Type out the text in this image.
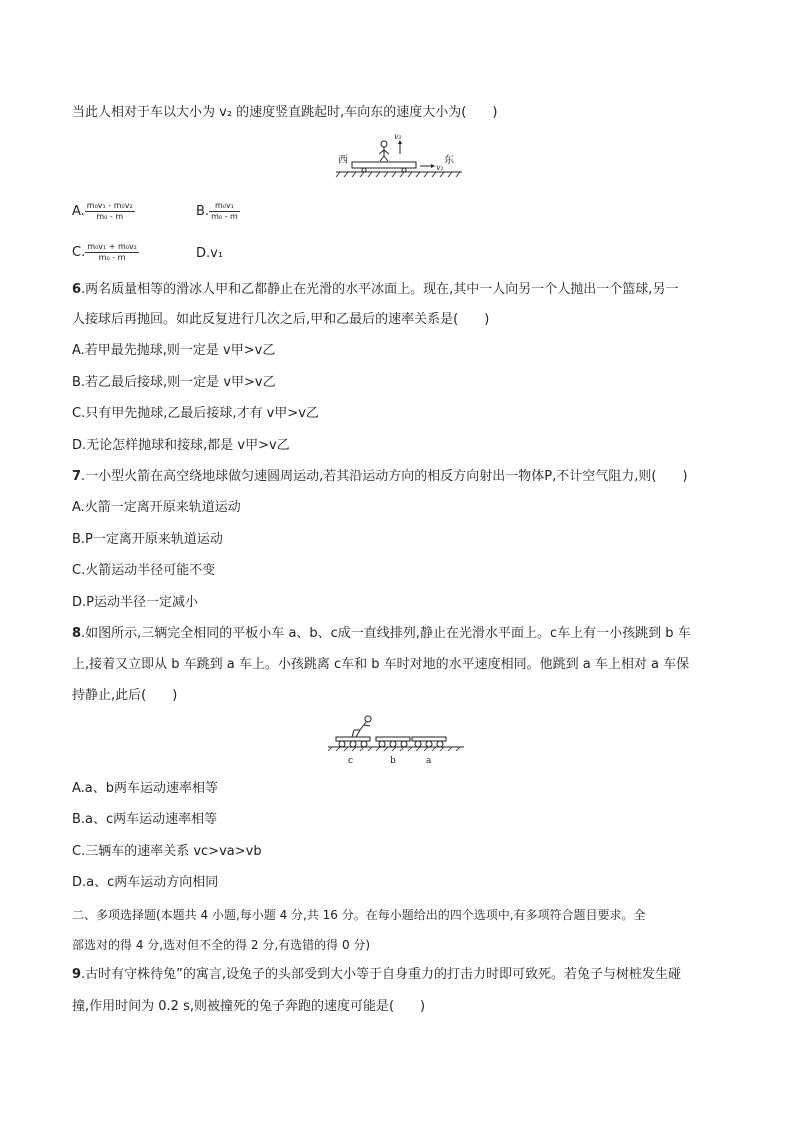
当此人相对于车以大小为 v₂ 的速度竖直跳起时,车向东的速度大小为(　　)
西	东
v₂
v₁
A. $\frac{\text{m₀v₁ - m₀v₂}}{\text{m₀ - m}}$	B. $\frac{\text{m₀v₁}}{\text{m₀ - m}}$
C. $\frac{\text{m₀v₁ + m₀v₂}}{\text{m₀ - m}}$	D.v₁
6.两名质量相等的滑冰人甲和乙都静止在光滑的水平冰面上。现在,其中一人向另一个人抛出一个篮球,另一
人接球后再抛回。如此反复进行几次之后,甲和乙最后的速率关系是(　　)
A.若甲最先抛球,则一定是 v甲>v乙
B.若乙最后接球,则一定是 v甲>v乙
C.只有甲先抛球,乙最后接球,才有 v甲>v乙
D.无论怎样抛球和接球,都是 v甲>v乙
7.一小型火箭在高空绕地球做匀速圆周运动,若其沿运动方向的相反方向射出一物体P,不计空气阻力,则(　　)
A.火箭一定离开原来轨道运动
B.P一定离开原来轨道运动
C.火箭运动半径可能不变
D.P运动半径一定减小
8.如图所示,三辆完全相同的平板小车 a、b、c成一直线排列,静止在光滑水平面上。c车上有一小孩跳到 b 车
上,接着又立即从 b 车跳到 a 车上。小孩跳离 c车和 b 车时对地的水平速度相同。他跳到 a 车上相对 a 车保
持静止,此后(　　)
c	b	a
A.a、b两车运动速率相等
B.a、c两车运动速率相等
C.三辆车的速率关系 vc>va>vb
D.a、c两车运动方向相同
二、多项选择题(本题共 4 小题,每小题 4 分,共 16 分。在每小题给出的四个选项中,有多项符合题目要求。全
部选对的得 4 分,选对但不全的得 2 分,有选错的得 0 分)
9.古时有守株待兔”的寓言,设兔子的头部受到大小等于自身重力的打击力时即可致死。若兔子与树桩发生碰
撞,作用时间为 0.2 s,则被撞死的兔子奔跑的速度可能是(　　)
